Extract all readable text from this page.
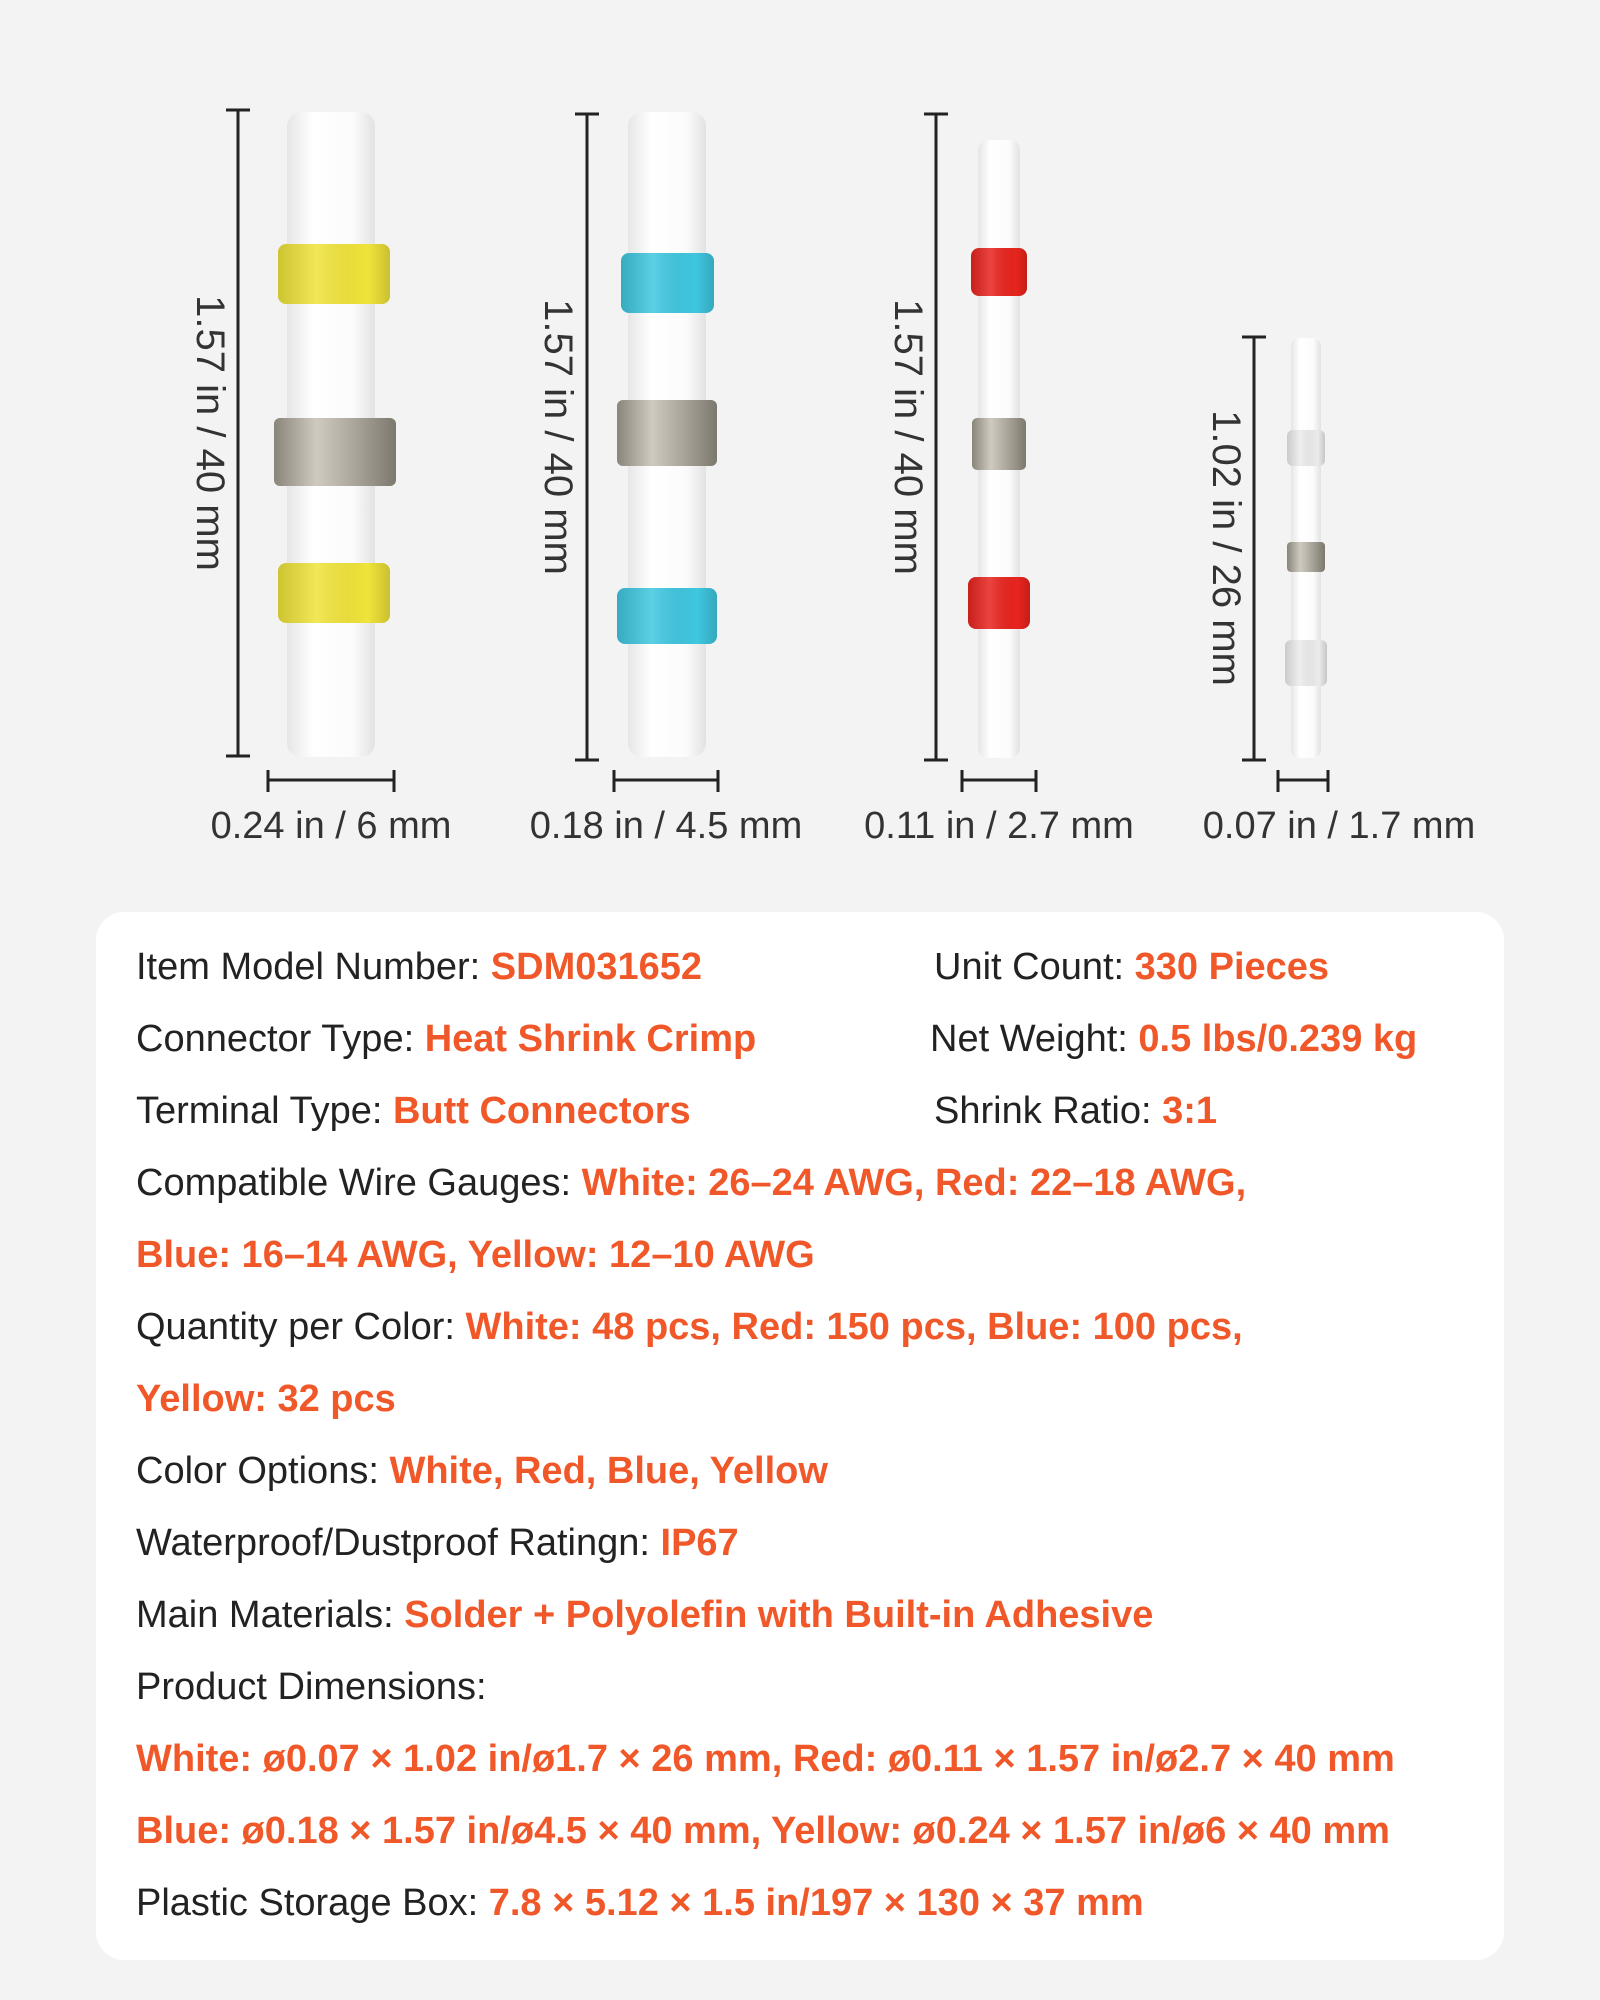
1.57 in / 40 mm	1.57 in / 40 mm	1.57 in / 40 mm	1.02 in / 26 mm
0.24 in / 6 mm 0.18 in / 4.5 mm 0.11 in / 2.7 mm 0.07 in / 1.7 mm
Item Model Number: SDM031652	Unit Count: 330 Pieces
Connector Type: Heat Shrink Crimp	Net Weight: 0.5 lbs/0.239 kg
Terminal Type: Butt Connectors	Shrink Ratio: 3:1
Compatible Wire Gauges: White: 26–24 AWG, Red: 22–18 AWG,
Blue: 16–14 AWG, Yellow: 12–10 AWG
Quantity per Color: White: 48 pcs, Red: 150 pcs, Blue: 100 pcs,
Yellow: 32 pcs
Color Options: White, Red, Blue, Yellow
Waterproof/Dustproof Ratingn: IP67
Main Materials: Solder + Polyolefin with Built-in Adhesive
Product Dimensions:
White: ø0.07 × 1.02 in/ø1.7 × 26 mm, Red: ø0.11 × 1.57 in/ø2.7 × 40 mm
Blue: ø0.18 × 1.57 in/ø4.5 × 40 mm, Yellow: ø0.24 × 1.57 in/ø6 × 40 mm
Plastic Storage Box: 7.8 × 5.12 × 1.5 in/197 × 130 × 37 mm
